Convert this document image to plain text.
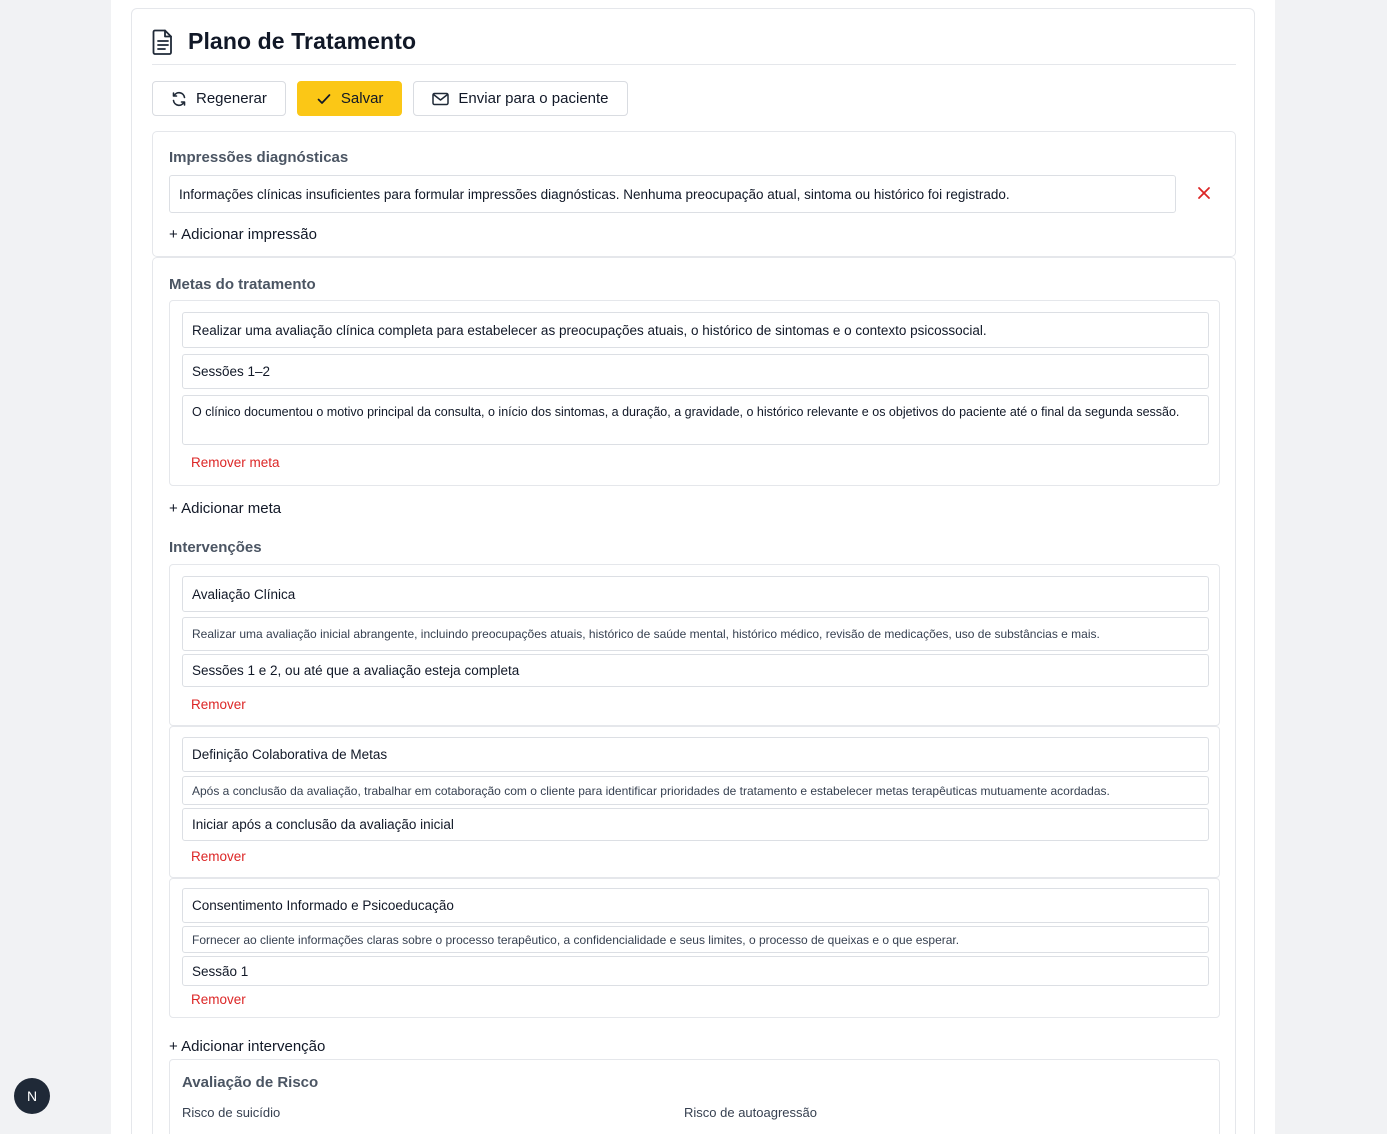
Plano de Tratamento
Regenerar	Salvar	Enviar para o paciente
Impressões diagnósticas
Informações clínicas insuficientes para formular impressões diagnósticas. Nenhuma preocupação atual, sintoma ou histórico foi registrado.
+ Adicionar impressão
Metas do tratamento
Realizar uma avaliação clínica completa para estabelecer as preocupações atuais, o histórico de sintomas e o contexto psicossocial.
Sessões 1–2
O clínico documentou o motivo principal da consulta, o início dos sintomas, a duração, a gravidade, o histórico relevante e os objetivos do paciente até o final da segunda sessão.
Remover meta
+ Adicionar meta
Intervenções
Avaliação Clínica
Realizar uma avaliação inicial abrangente, incluindo preocupações atuais, histórico de saúde mental, histórico médico, revisão de medicações, uso de substâncias e mais.
Sessões 1 e 2, ou até que a avaliação esteja completa
Remover
Definição Colaborativa de Metas
Após a conclusão da avaliação, trabalhar em cotaboração com o cliente para identificar prioridades de tratamento e estabelecer metas terapêuticas mutuamente acordadas.
Iniciar após a conclusão da avaliação inicial
Remover
Consentimento Informado e Psicoeducação
Fornecer ao cliente informações claras sobre o processo terapêutico, a confidencialidade e seus limites, o processo de queixas e o que esperar.
Sessão 1
Remover
+ Adicionar intervenção
Avaliação de Risco
Risco de suicídio	Risco de autoagressão
N
